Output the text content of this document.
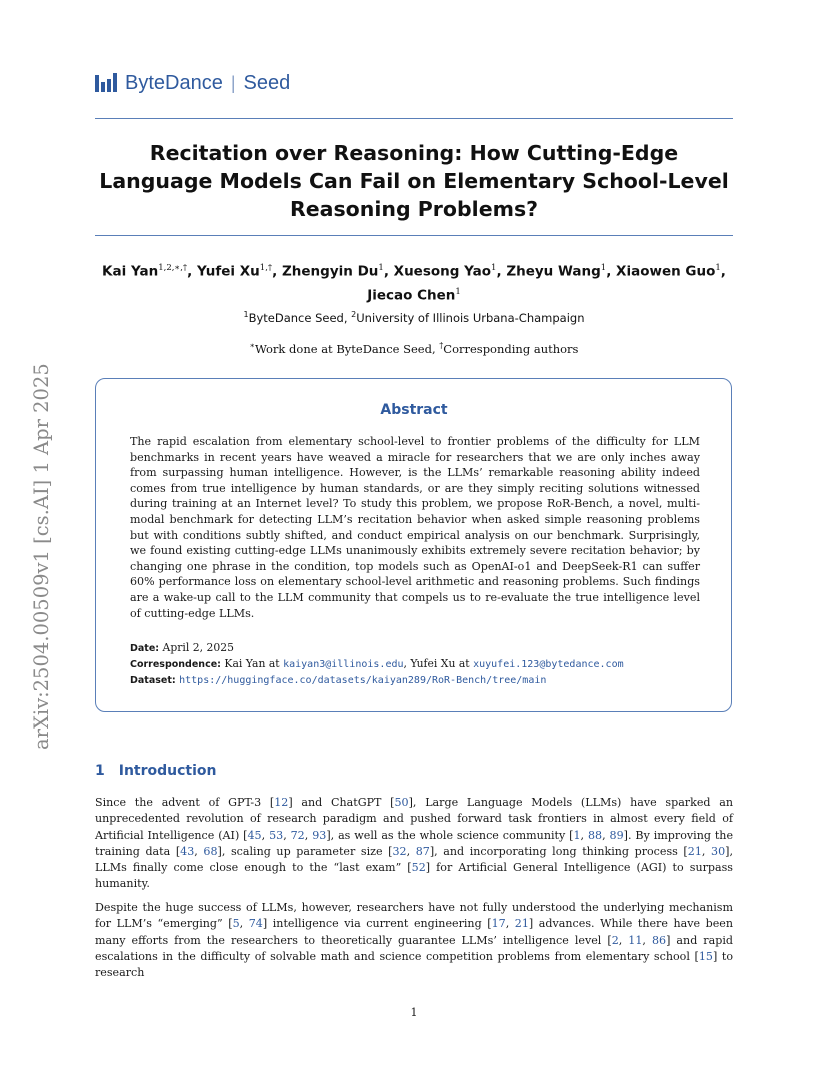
ByteDance | Seed
Recitation over Reasoning: How Cutting-Edge Language Models Can Fail on Elementary School-Level Reasoning Problems?
Kai Yan$^{1,2,∗,\dagger}$, Yufei $Xu^{1,\dagger}$, Zhengyin Du$^1$, Xuesong Yao$^1$, Zheyu Wang$^1$, Xiaowen Guo$^1$, Jiecao Chen$^1$
$^1$ByteDance Seed, $^2$University of Illinois Urbana-Champaign
∗Work done at ByteDance Seed, †Corresponding authors
Abstract
The rapid escalation from elementary school-level to frontier problems of the difficulty for LLM benchmarks in recent years have weaved a miracle for researchers that we are only inches away from surpassing human intelligence. However, is the LLMs’ remarkable reasoning ability indeed comes from true intelligence by human standards, or are they simply reciting solutions witnessed during training at an Internet level? To study this problem, we propose RoR-Bench, a novel, multi-modal benchmark for detecting LLM’s recitation behavior when asked simple reasoning problems but with conditions subtly shifted, and conduct empirical analysis on our benchmark. Surprisingly, we found existing cutting-edge LLMs unanimously exhibits extremely severe recitation behavior; by changing one phrase in the condition, top models such as OpenAI-o1 and DeepSeek-R1 can suffer 60% performance loss on elementary school-level arithmetic and reasoning problems. Such findings are a wake-up call to the LLM community that compels us to re-evaluate the true intelligence level of cutting-edge LLMs.
Date: April 2, 2025
Correspondence: Kai Yan at kaiyan3@illinois.edu, Yufei Xu at xuyufei.123@bytedance.com
Dataset: https://huggingface.co/datasets/kaiyan289/RoR-Bench/tree/main
arXiv:2504.00509v1 [cs.AI] 1 Apr 2025
1 Introduction
Since the advent of GPT-3 [12] and ChatGPT [50], Large Language Models (LLMs) have sparked an unprecedented revolution of research paradigm and pushed forward task frontiers in almost every field of Artificial Intelligence (AI) [45, 53, 72, 93], as well as the whole science community [1, 88, 89]. By improving the training data [43, 68], scaling up parameter size [32, 87], and incorporating long thinking process [21, 30], LLMs finally come close enough to the “last exam” [52] for Artificial General Intelligence (AGI) to surpass humanity.
Despite the huge success of LLMs, however, researchers have not fully understood the underlying mechanism for LLM’s “emerging” [5, 74] intelligence via current engineering [17, 21] advances. While there have been many efforts from the researchers to theoretically guarantee LLMs’ intelligence level [2, 11, 86] and rapid escalations in the difficulty of solvable math and science competition problems from elementary school [15] to research
1
